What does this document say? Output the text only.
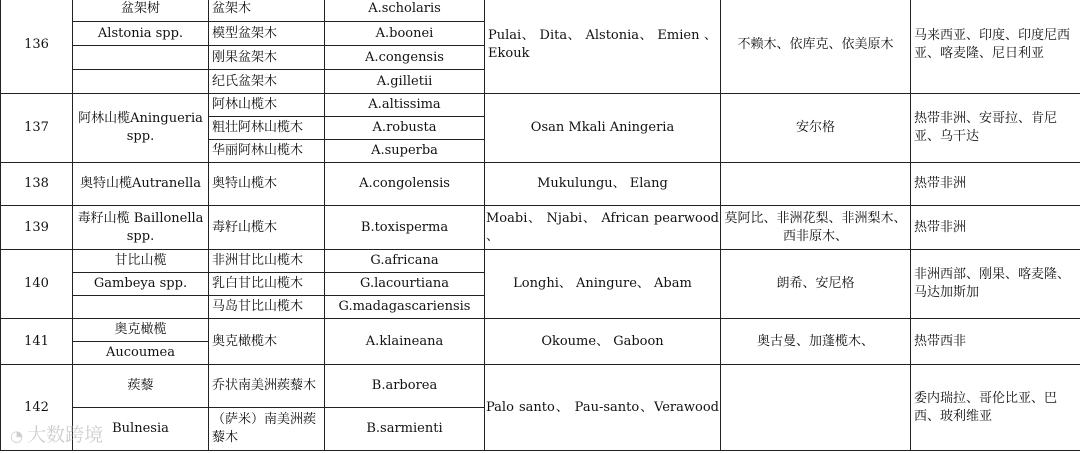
136	盆架树	盆架木	A.scholaris	Pulai、 Dita、 Alstonia、 Emien 、 Ekouk	不赖木、依库克、依美原木	马来西亚、印度、印度尼西亚、喀麦隆、尼日利亚
	Alstonia spp.	模型盆架木	A.boonei			
		刚果盆架木	A.congensis			
		纪氏盆架木	A.gilletii			
137	阿林山榄Aningueria spp.	阿林山榄木	A.altissima	Osan Mkali Aningeria	安尔格	热带非洲、安哥拉、肯尼亚、乌干达
		粗壮阿林山榄木	A.robusta			
		华丽阿林山榄木	A.superba			
138	奥特山榄Autranella	奥特山榄木	A.congolensis	Mukulungu、 Elang		热带非洲
139	毒籽山榄 Baillonella spp.	毒籽山榄木	B.toxisperma	Moabi、 Njabi、 African pearwood 、	莫阿比、非洲花梨、非洲梨木、西非原木、	热带非洲
140	甘比山榄	非洲甘比山榄木	G.africana	Longhi、 Aningure、 Abam	朗希、安尼格	非洲西部、刚果、喀麦隆、马达加斯加
	Gambeya spp.	乳白甘比山榄木	G.lacourtiana			
		马岛甘比山榄木	G.madagascariensis			
141	奥克橄榄	奥克橄榄木	A.klaineana	Okoume、 Gaboon	奥古曼、加蓬榄木、	热带西非
	Aucoumea					
142	蒺藜	乔状南美洲蒺藜木	B.arborea	Palo santo、 Pau-santo、Verawood		委内瑞拉、哥伦比亚、巴西、玻利维亚
	Bulnesia	（萨米）南美洲蒺藜木	B.sarmienti			
◔ 大数跨境
